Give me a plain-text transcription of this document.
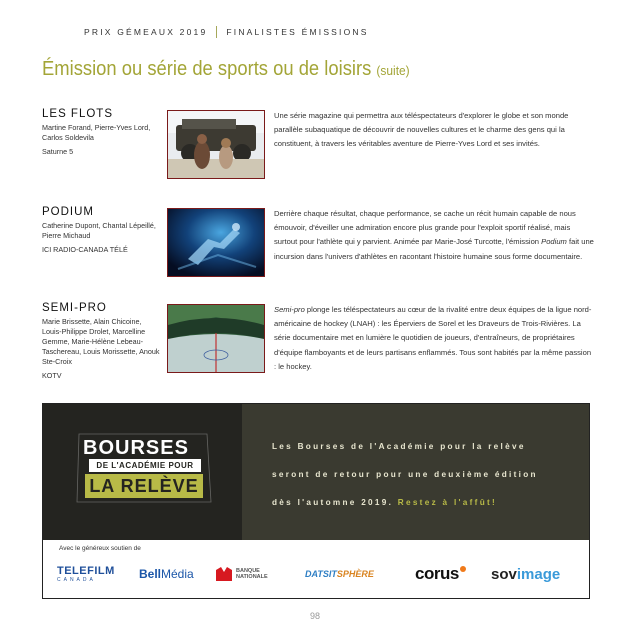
PRIX GÉMEAUX 2019 FINALISTES ÉMISSIONS
Émission ou série de sports ou de loisirs (suite)
LES FLOTS
Martine Forand, Pierre-Yves Lord, Carlos Soldevila
Saturne 5
Une série magazine qui permettra aux téléspectateurs d'explorer le globe et son monde parallèle subaquatique de découvrir de nouvelles cultures et le charme des gens qui la constituent, à travers les véritables aventure de Pierre-Yves Lord et ses invités.
PODIUM
Catherine Dupont, Chantal Lépeillé, Pierre Michaud
ICI RADIO-CANADA TÉLÉ
Derrière chaque résultat, chaque performance, se cache un récit humain capable de nous émouvoir, d'éveiller une admiration encore plus grande pour l'exploit sportif réalisé, mais surtout pour l'athlète qui y parvient. Animée par Marie-José Turcotte, l'émission Podium fait une incursion dans l'univers d'athlètes en racontant l'histoire humaine sous forme documentaire.
SEMI-PRO
Marie Brissette, Alain Chicoine, Louis-Philippe Drolet, Marcelline Gemme, Marie-Hélène Lebeau-Taschereau, Louis Morissette, Anouk Ste-Croix
KOTV
Semi-pro plonge les téléspectateurs au cœur de la rivalité entre deux équipes de la ligue nord-américaine de hockey (LNAH) : les Éperviers de Sorel et les Draveurs de Trois-Rivières. La série documentaire met en lumière le quotidien de joueurs, d'entraîneurs, de propriétaires d'équipe flamboyants et de leurs partisans enflammés. Tous sont habités par la même passion : le hockey.
BOURSES
DE L'ACADÉMIE POUR
LA RELÈVE
Les Bourses de l'Académie pour la relève
seront de retour pour une deuxième édition
dès l'automne 2019. Restez à l'affût!
Avec le généreux soutien de
TELEFILM
CANADA	Bell Média	BANQUE
NATIONALE	DATSIT SPHÈRE corus sov image
98
